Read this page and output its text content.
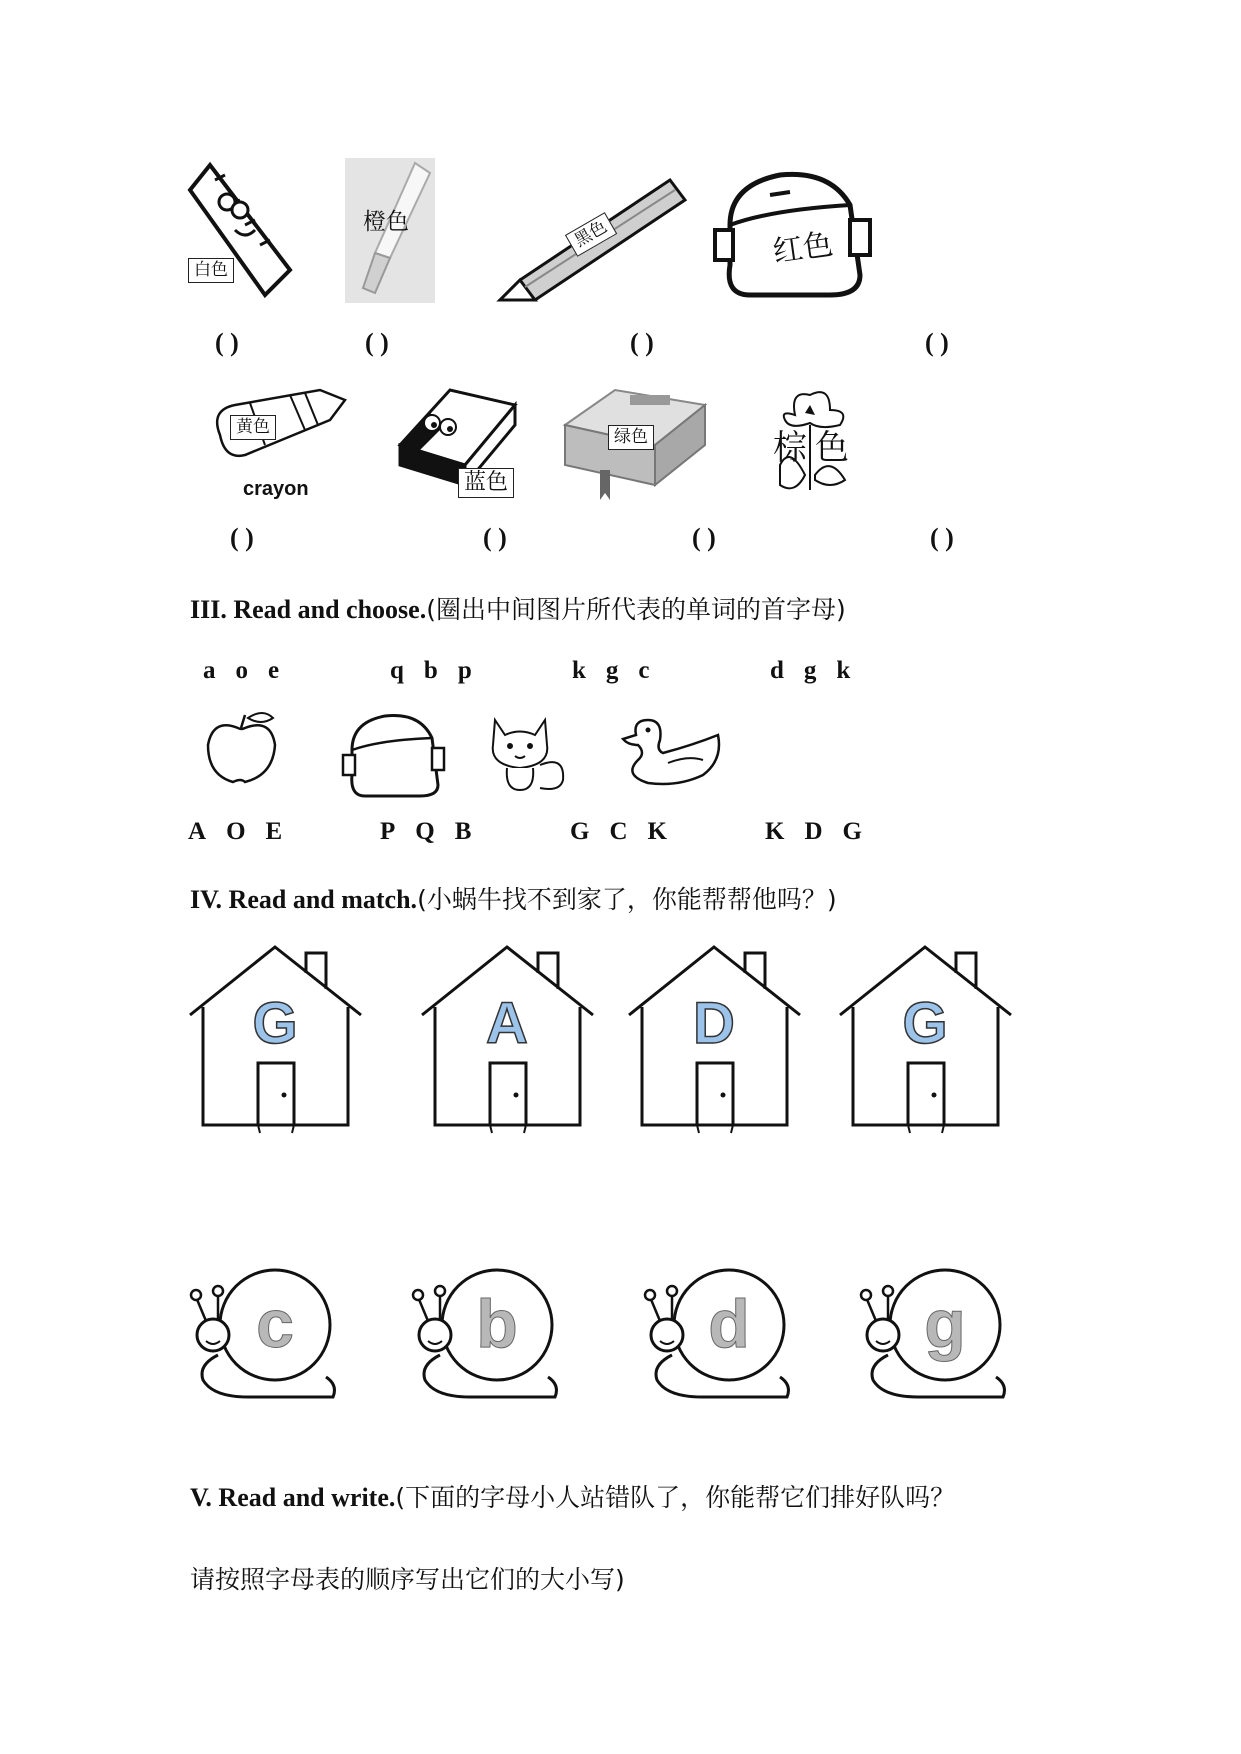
白色
橙色	黑色	红色
( )	( )	( )	( )
黄色
crayon	蓝色
绿色	棕色
( )	( )	( )	( )
III. Read and choose.(圈出中间图片所代表的单词的首字母)
a o e	q b p	k g c	d g k
A O E	P Q B	G C K	K D G
IV. Read and match.(小蜗牛找不到家了，你能帮帮他吗？)
G	A	D	G
c	b	d	g
V. Read and write.(下面的字母小人站错队了，你能帮它们排好队吗？
请按照字母表的顺序写出它们的大小写)
